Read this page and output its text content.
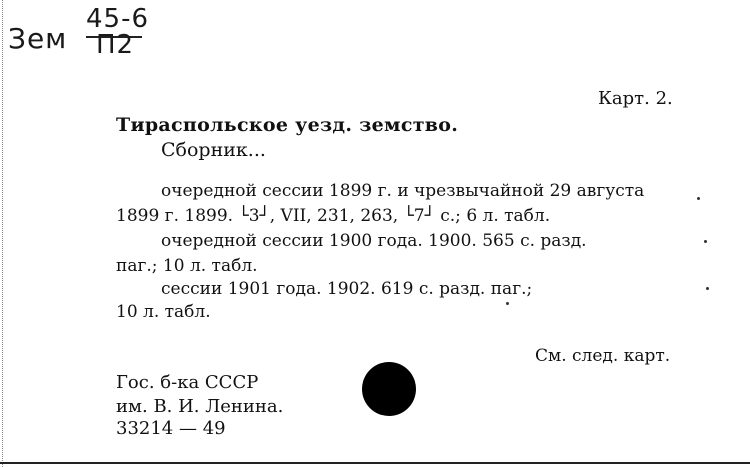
Зем
45-6
П2
Карт. 2.
Тираспольское уезд. земство.
Сборник...
очередной сессии 1899 г. и чрезвычайной 29 августа
1899 г. 1899. └3┘, VII, 231, 263, └7┘ с.; 6 л. табл.
очередной сессии 1900 года. 1900. 565 с. разд.
паг.; 10 л. табл.
сессии 1901 года. 1902. 619 с. разд. паг.;
10 л. табл.
См. след. карт.
Гос. б-ка СССР
им. В. И. Ленина.
33214 — 49
